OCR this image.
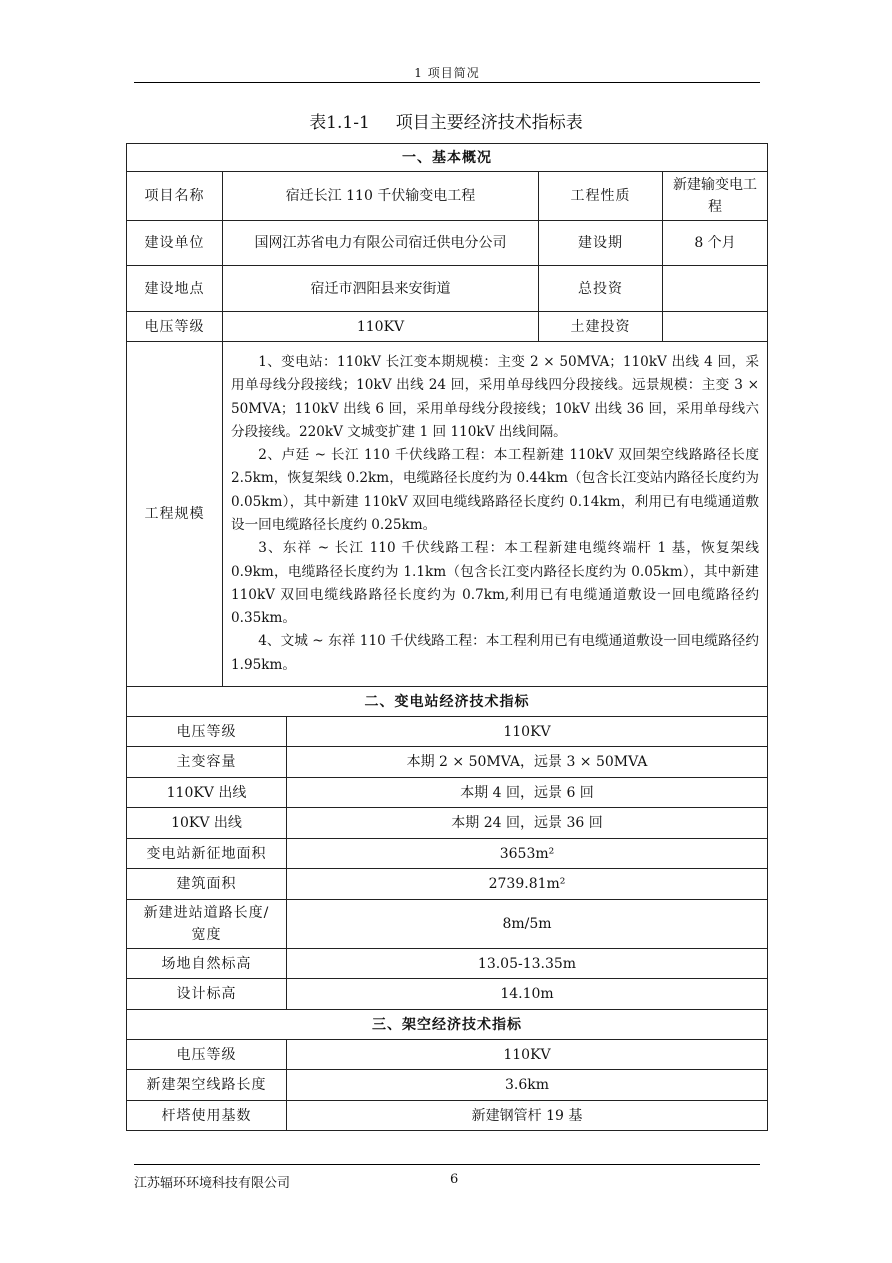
1 项目简况
表1.1-1 项目主要经济技术指标表
一、基本概况				
项目名称	宿迁长江 110 千伏输变电工程		工程性质	新建输变电工程
建设单位	国网江苏省电力有限公司宿迁供电分公司		建设期	8 个月
建设地点	宿迁市泗阳县来安街道		总投资	
电压等级	110KV		土建投资	
工程规模	1、变电站：110kV 长江变本期规模：主变 2 × 50MVA；110kV 出线 4 回，采用单母线分段接线；10kV 出线 24 回，采用单母线四分段接线。远景规模：主变 3 × 50MVA；110kV 出线 6 回，采用单母线分段接线；10kV 出线 36 回，采用单母线六分段接线。220kV 文城变扩建 1 回 110kV 出线间隔。

2、卢廷 ~ 长江 110 千伏线路工程：本工程新建 110kV 双回架空线路路径长度 2.5km，恢复架线 0.2km，电缆路径长度约为 0.44km（包含长江变站内路径长度约为 0.05km），其中新建 110kV 双回电缆线路路径长度约 0.14km，利用已有电缆通道敷设一回电缆路径长度约 0.25km。

3、东祥 ~ 长江 110 千伏线路工程：本工程新建电缆终端杆 1 基，恢复架线 0.9km，电缆路径长度约为 1.1km（包含长江变内路径长度约为 0.05km），其中新建 110kV 双回电缆线路路径长度约为 0.7km,利用已有电缆通道敷设一回电缆路径约 0.35km。

4、文城 ~ 东祥 110 千伏线路工程：本工程利用已有电缆通道敷设一回电缆路径约 1.95km。			

二、变电站经济技术指标				
电压等级		110KV		
主变容量		本期 2 × 50MVA，远景 3 × 50MVA		
110KV 出线		本期 4 回，远景 6 回		
10KV 出线		本期 24 回，远景 36 回		
变电站新征地面积		3653m²		
建筑面积		2739.81m²		
新建进站道路长度/宽度		8m/5m		
场地自然标高		13.05-13.35m		
设计标高		14.10m		
三、架空经济技术指标				
电压等级		110KV		
新建架空线路长度		3.6km		
杆塔使用基数		新建钢管杆 19 基		
江苏辐环环境科技有限公司	6
